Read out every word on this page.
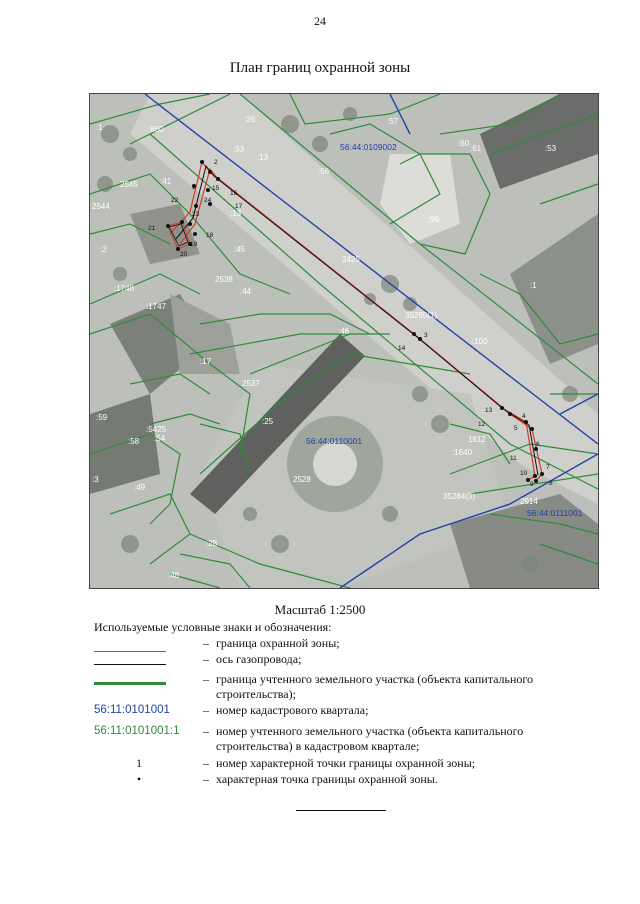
24
План границ охранной зоны
56:44:0109002
56:44:0110001
56:44:0111001
35295(1)
35284(3)
:680
:26	:57
:60
:61	:53
:93
:13
:56
2545	:41
2544
:96
:2
:13
:45
2425
2538
:1748	:44
:1
:1747
:46
:100
:17
2537
:59	:25
:58
:5425
:54	1612
:1640
2528
:49
2914
:28
:48
:3
:1
1
2
3
4
5
6
7
8
9
10
11
12
13
14
15
16
17
18
19
20
21
22
23
24
Масштаб 1:2500
Используемые условные знаки и обозначения:
– граница охранной зоны;
– ось газопровода;
– граница учтенного земельного участка (объекта капитального строительства);
56:11:0101001	– номер кадастрового квартала;
56:11:0101001:1 – номер учтенного земельного участка (объекта капитального строительства) в кадастровом квартале;
1	– номер характерной точки границы охранной зоны;
•	– характерная точка границы охранной зоны.
